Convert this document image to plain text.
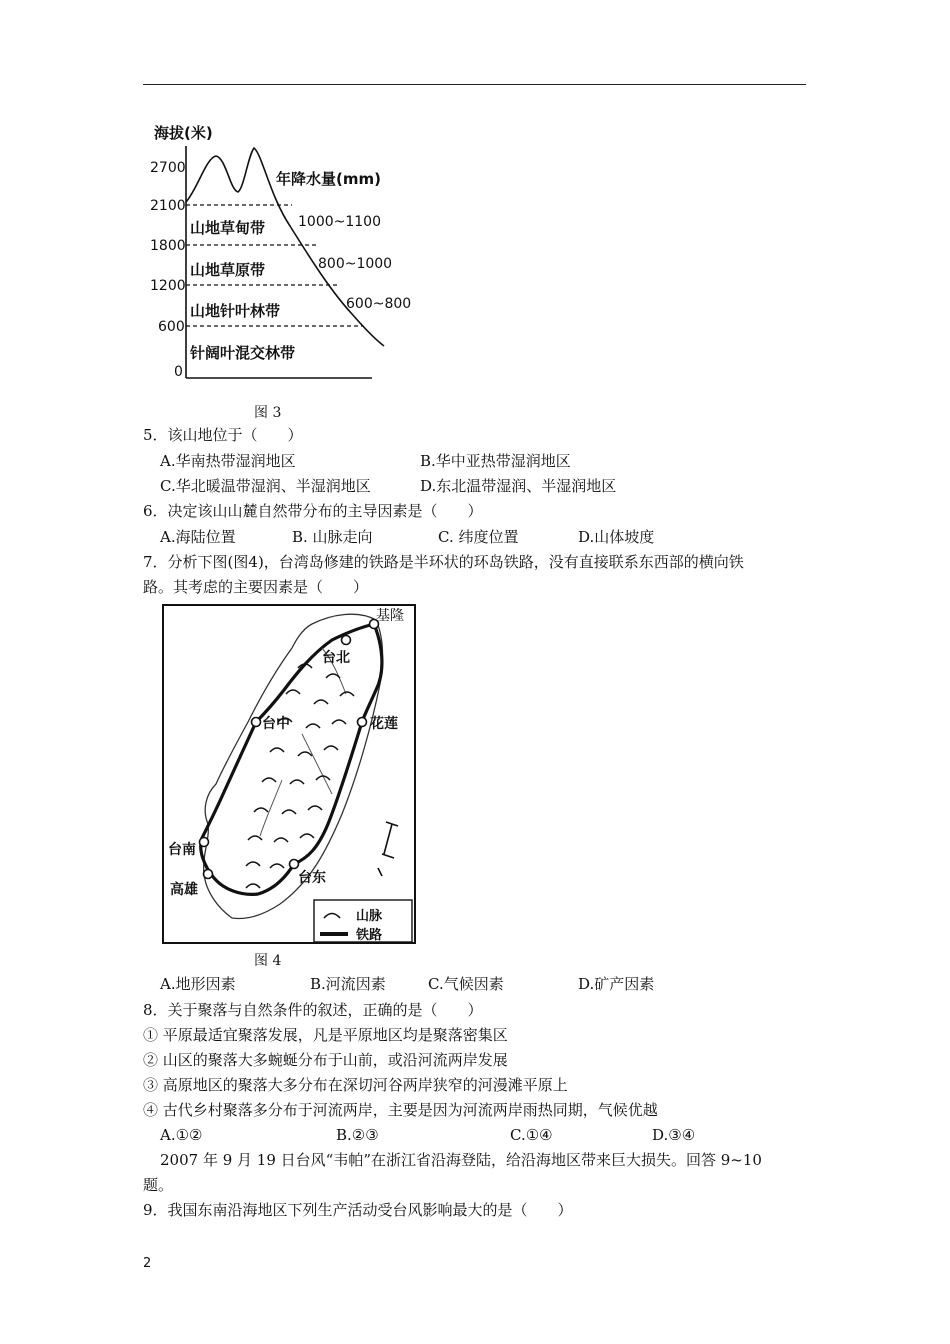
海拔(米)
2700
2100
1800
1200
600
0
年降水量(mm)
山地草甸带
山地草原带
山地针叶林带
针阔叶混交林带
1000~1100
800~1000
600~800
图 3
5．该山地位于（　　）
A.华南热带湿润地区	B.华中亚热带湿润地区
C.华北暖温带湿润、半湿润地区	D.东北温带湿润、半湿润地区
6．决定该山山麓自然带分布的主导因素是（　　）
A.海陆位置	B. 山脉走向	C. 纬度位置	D.山体坡度
7．分析下图(图4)，台湾岛修建的铁路是半环状的环岛铁路，没有直接联系东西部的横向铁
路。其考虑的主要因素是（　　）
基隆
台北
台中	花莲
台南
高雄
台东
山脉
铁路
图 4
A.地形因素	B.河流因素	C.气候因素	D.矿产因素
8．关于聚落与自然条件的叙述，正确的是（　　）
① 平原最适宜聚落发展，凡是平原地区均是聚落密集区
② 山区的聚落大多蜿蜒分布于山前，或沿河流两岸发展
③ 高原地区的聚落大多分布在深切河谷两岸狭窄的河漫滩平原上
④ 古代乡村聚落多分布于河流两岸，主要是因为河流两岸雨热同期，气候优越
A.①②	B.②③	C.①④	D.③④
2007 年 9 月 19 日台风“韦帕”在浙江省沿海登陆，给沿海地区带来巨大损失。回答 9~10
题。
9．我国东南沿海地区下列生产活动受台风影响最大的是（　　）
2
